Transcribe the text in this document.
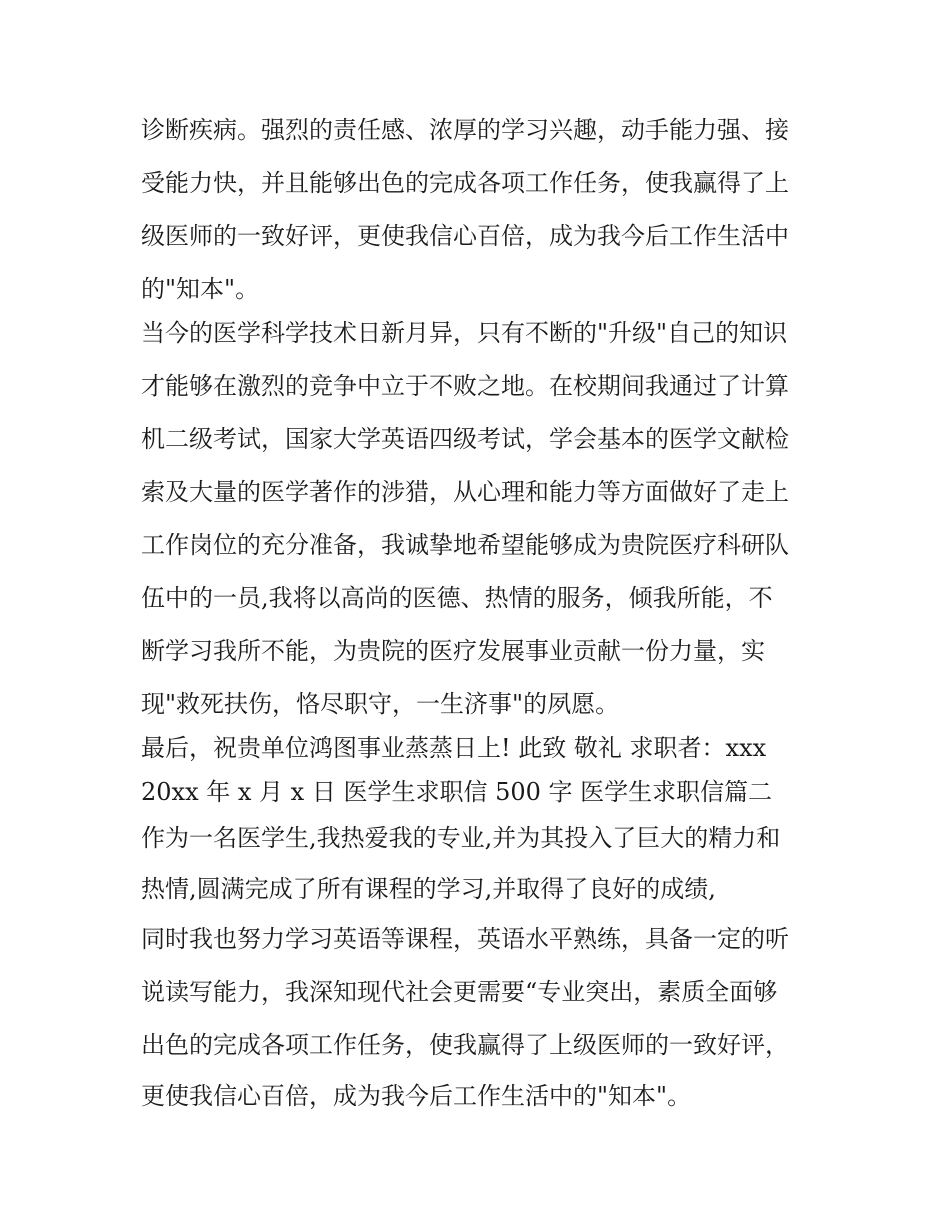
诊断疾病。强烈的责任感、浓厚的学习兴趣，动手能力强、接
受能力快，并且能够出色的完成各项工作任务，使我赢得了上
级医师的一致好评，更使我信心百倍，成为我今后工作生活中
的"知本"。
当今的医学科学技术日新月异，只有不断的"升级"自己的知识
才能够在激烈的竞争中立于不败之地。在校期间我通过了计算
机二级考试，国家大学英语四级考试，学会基本的医学文献检
索及大量的医学著作的涉猎，从心理和能力等方面做好了走上
工作岗位的充分准备，我诚挚地希望能够成为贵院医疗科研队
伍中的一员,我将以高尚的医德、热情的服务，倾我所能，不
断学习我所不能，为贵院的医疗发展事业贡献一份力量，实
现"救死扶伤，恪尽职守，一生济事"的夙愿。
最后，祝贵单位鸿图事业蒸蒸日上! 此致 敬礼 求职者：xxx
20xx 年 x 月 x 日 医学生求职信 500 字 医学生求职信篇二
作为一名医学生,我热爱我的专业,并为其投入了巨大的精力和
热情,圆满完成了所有课程的学习,并取得了良好的成绩,
同时我也努力学习英语等课程，英语水平熟练，具备一定的听
说读写能力，我深知现代社会更需要“专业突出，素质全面够
出色的完成各项工作任务，使我赢得了上级医师的一致好评，
更使我信心百倍，成为我今后工作生活中的"知本"。
